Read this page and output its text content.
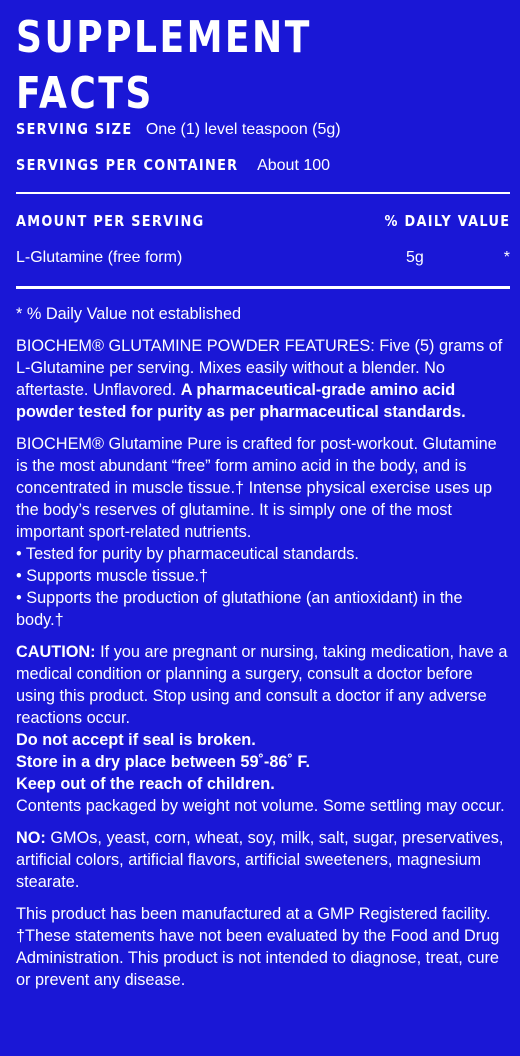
SUPPLEMENT FACTS
SERVING SIZE One (1) level teaspoon (5g)
SERVINGS PER CONTAINER About 100
AMOUNT PER SERVING	% DAILY VALUE
L-Glutamine (free form)	5g	*

* % Daily Value not established

BIOCHEM® GLUTAMINE POWDER FEATURES: Five (5) grams of L-Glutamine per serving. Mixes easily without a blender. No aftertaste. Unflavored. A pharmaceutical-grade amino acid powder tested for purity as per pharmaceutical standards.

BIOCHEM® Glutamine Pure is crafted for post-workout. Glutamine is the most abundant “free” form amino acid in the body, and is concentrated in muscle tissue.† Intense physical exercise uses up the body’s reserves of glutamine. It is simply one of the most important sport-related nutrients.
• Tested for purity by pharmaceutical standards.
• Supports muscle tissue.†
• Supports the production of glutathione (an antioxidant) in the body.†

CAUTION: If you are pregnant or nursing, taking medication, have a medical condition or planning a surgery, consult a doctor before using this product. Stop using and consult a doctor if any adverse reactions occur.
Do not accept if seal is broken.
Store in a dry place between 59˚-86˚ F.
Keep out of the reach of children.
Contents packaged by weight not volume. Some settling may occur.

NO: GMOs, yeast, corn, wheat, soy, milk, salt, sugar, preservatives, artificial colors, artificial flavors, artificial sweeteners, magnesium stearate.

This product has been manufactured at a GMP Registered facility.
†These statements have not been evaluated by the Food and Drug Administration. This product is not intended to diagnose, treat, cure or prevent any disease.
